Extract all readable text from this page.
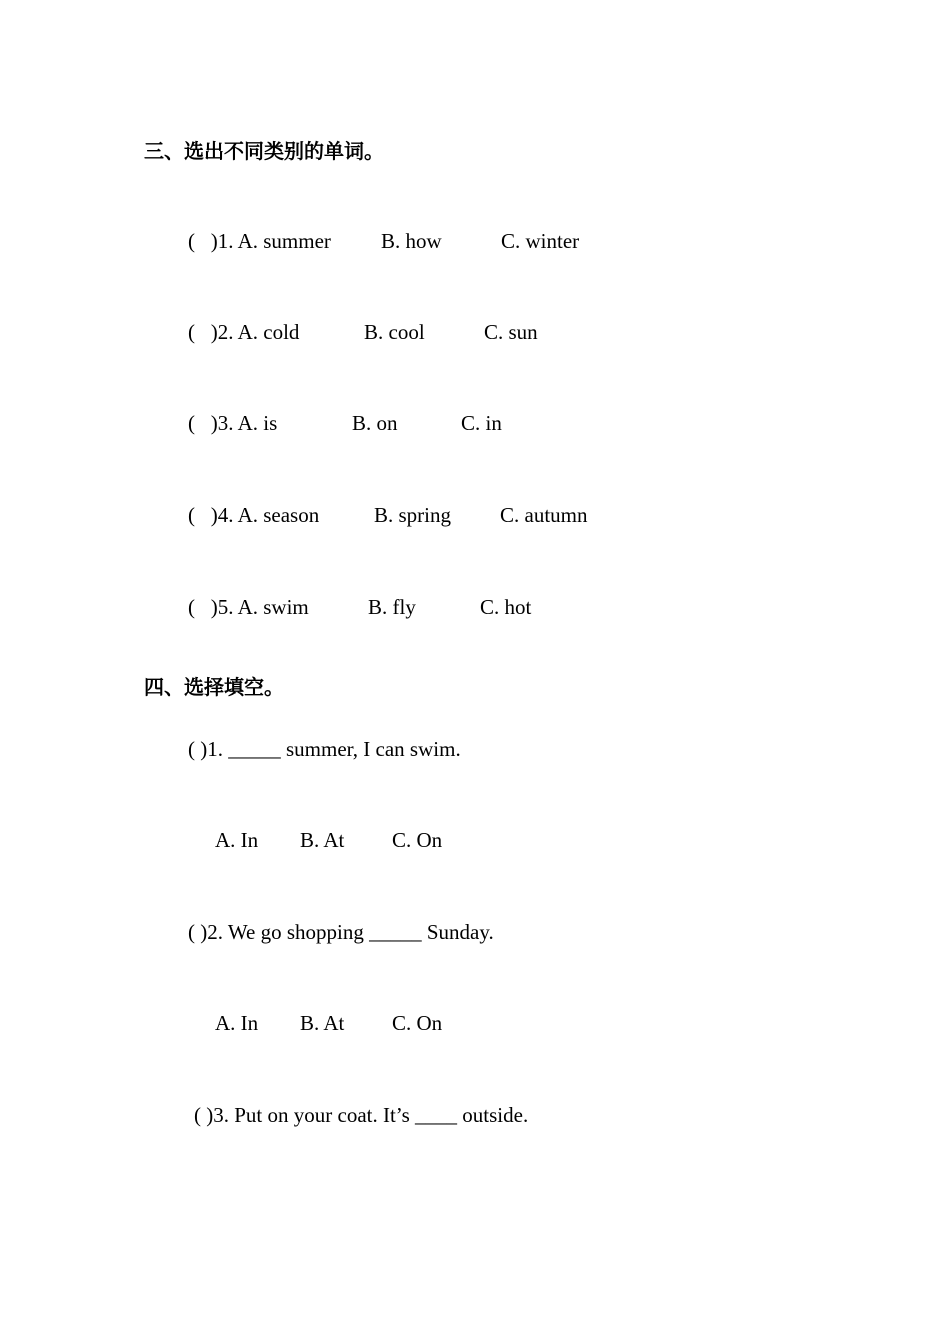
三、选出不同类别的单词。
(   )1. A. summer B. how	C. winter
(   )2. A. cold	B. cool	C. sun
(   )3. A. is	B. on	C. in
(   )4. A. season	B. spring C. autumn
(   )5. A. swim	B. fly	C. hot
四、选择填空。
( )1. _____ summer, I can swim.
A. In B. At C. On
( )2. We go shopping _____ Sunday.
A. In B. At C. On
( )3. Put on your coat. It’s ____ outside.
